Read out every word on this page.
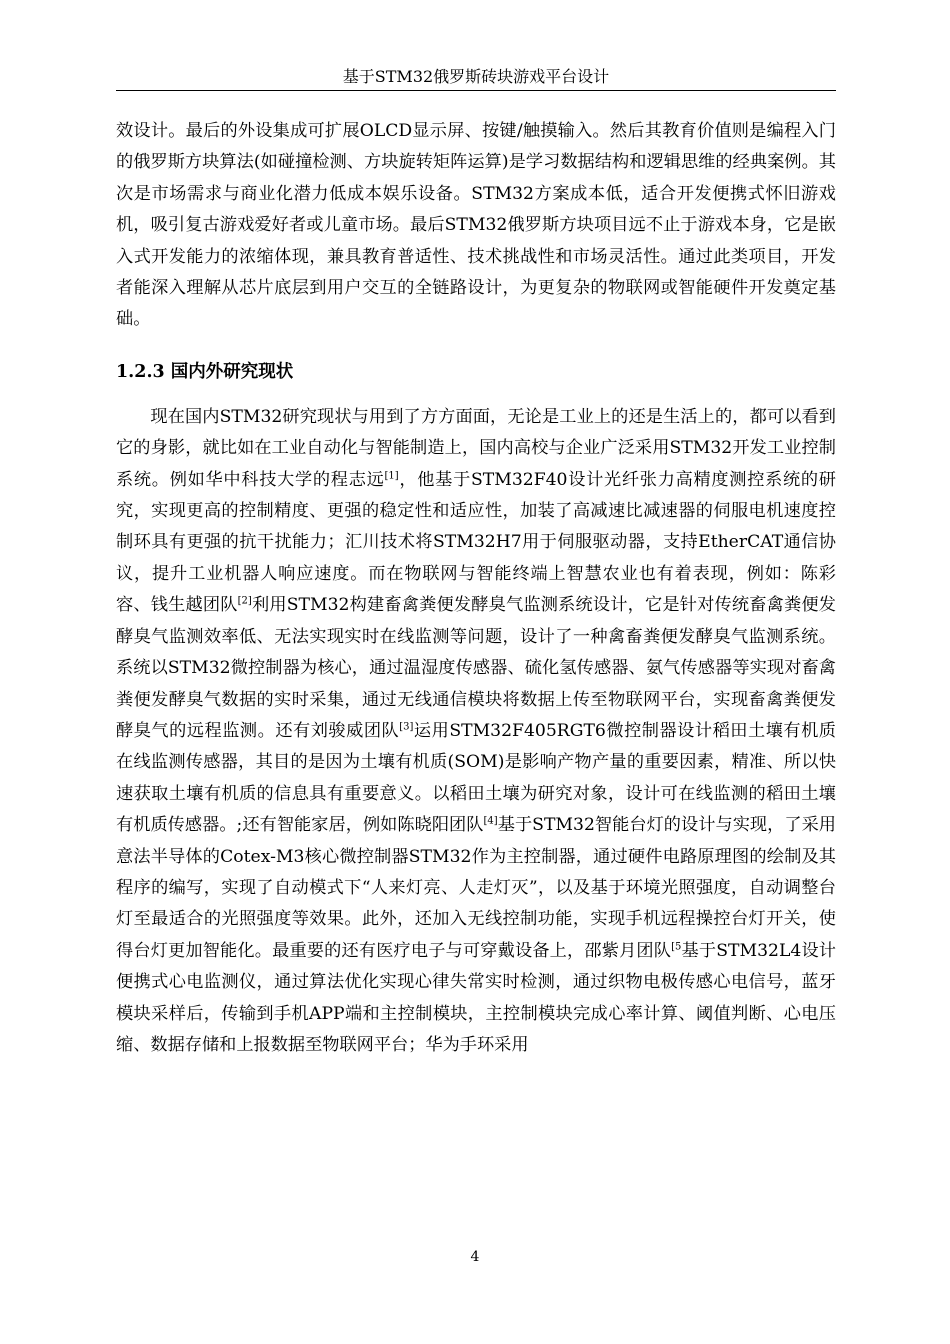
基于STM32俄罗斯砖块游戏平台设计

效设计。最后的外设集成可扩展OLCD显示屏、按键/触摸输入。然后其教育价值则是编程入门的俄罗斯方块算法(如碰撞检测、方块旋转矩阵运算)是学习数据结构和逻辑思维的经典案例。其次是市场需求与商业化潜力低成本娱乐设备。STM32方案成本低，适合开发便携式怀旧游戏机，吸引复古游戏爱好者或儿童市场。最后STM32俄罗斯方块项目远不止于游戏本身，它是嵌入式开发能力的浓缩体现，兼具教育普适性、技术挑战性和市场灵活性。通过此类项目，开发者能深入理解从芯片底层到用户交互的全链路设计，为更复杂的物联网或智能硬件开发奠定基础。

1.2.3 国内外研究现状

现在国内STM32研究现状与用到了方方面面，无论是工业上的还是生活上的，都可以看到它的身影，就比如在工业自动化与智能制造上，国内高校与企业广泛采用STM32开发工业控制系统。例如华中科技大学的程志远[1]，他基于STM32F40设计光纤张力高精度测控系统的研究，实现更高的控制精度、更强的稳定性和适应性，加装了高减速比减速器的伺服电机速度控制环具有更强的抗干扰能力；汇川技术将STM32H7用于伺服驱动器，支持EtherCAT通信协议，提升工业机器人响应速度。而在物联网与智能终端上智慧农业也有着表现，例如：陈彩容、钱生越团队[2]利用STM32构建畜禽粪便发酵臭气监测系统设计，它是针对传统畜禽粪便发酵臭气监测效率低、无法实现实时在线监测等问题，设计了一种禽畜粪便发酵臭气监测系统。系统以STM32微控制器为核心，通过温湿度传感器、硫化氢传感器、氨气传感器等实现对畜禽粪便发酵臭气数据的实时采集，通过无线通信模块将数据上传至物联网平台，实现畜禽粪便发酵臭气的远程监测。还有刘骏威团队[3]运用STM32F405RGT6微控制器设计稻田土壤有机质在线监测传感器，其目的是因为土壤有机质(SOM)是影响产物产量的重要因素，精准、所以快速获取土壤有机质的信息具有重要意义。以稻田土壤为研究对象，设计可在线监测的稻田土壤有机质传感器。;还有智能家居，例如陈晓阳团队[4]基于STM32智能台灯的设计与实现，了采用意法半导体的Cotex-M3核心微控制器STM32作为主控制器，通过硬件电路原理图的绘制及其程序的编写，实现了自动模式下“人来灯亮、人走灯灭”，以及基于环境光照强度，自动调整台灯至最适合的光照强度等效果。此外，还加入无线控制功能，实现手机远程操控台灯开关，使得台灯更加智能化。最重要的还有医疗电子与可穿戴设备上，邵紫月团队$^{[5}$基于STM32L4设计便携式心电监测仪，通过算法优化实现心律失常实时检测，通过织物电极传感心电信号，蓝牙模块采样后，传输到手机APP端和主控制模块，主控制模块完成心率计算、阈值判断、心电压缩、数据存储和上报数据至物联网平台；华为手环采用

4
